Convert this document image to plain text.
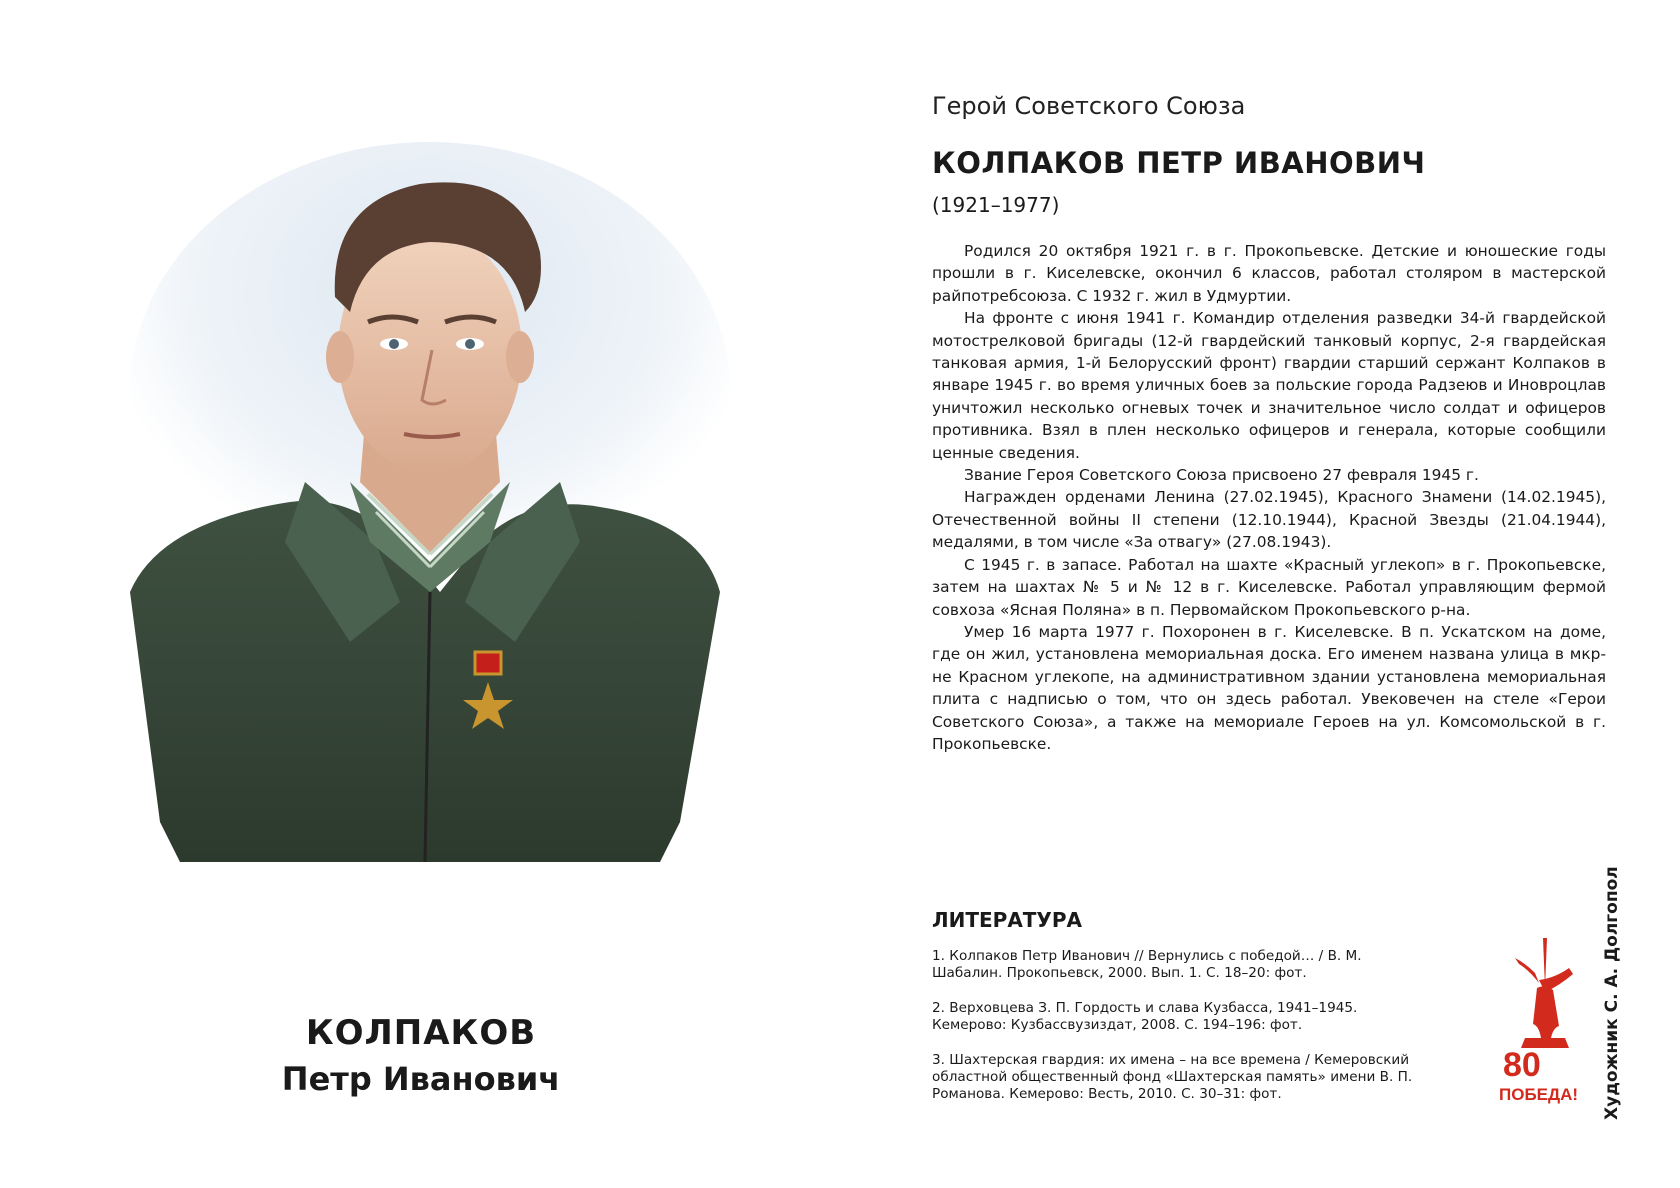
КОЛПАКОВ
Петр Иванович
Герой Советского Союза
КОЛПАКОВ ПЕТР ИВАНОВИЧ
(1921–1977)

Родился 20 октября 1921 г. в г. Прокопьевске. Детские и юношеские годы прошли в г. Киселевске, окончил 6 классов, работал столяром в мастерской райпотребсоюза. С 1932 г. жил в Удмуртии.

На фронте с июня 1941 г. Командир отделения разведки 34-й гвардейской мотострелковой бригады (12-й гвардейский танковый корпус, 2-я гвардейская танковая армия, 1-й Белорусский фронт) гвардии старший сержант Колпаков в январе 1945 г. во время уличных боев за польские города Радзеюв и Иновроцлав уничтожил несколько огневых точек и значительное число солдат и офицеров противника. Взял в плен несколько офицеров и генерала, которые сообщили ценные сведения.

Звание Героя Советского Союза присвоено 27 февраля 1945 г.

Награжден орденами Ленина (27.02.1945), Красного Знамени (14.02.1945), Отечественной войны II степени (12.10.1944), Красной Звезды (21.04.1944), медалями, в том числе «За отвагу» (27.08.1943).

С 1945 г. в запасе. Работал на шахте «Красный углекоп» в г. Прокопьевске, затем на шахтах № 5 и № 12 в г. Киселевске. Работал управляющим фермой совхоза «Ясная Поляна» в п. Первомайском Прокопьевского р-на.

Умер 16 марта 1977 г. Похоронен в г. Киселевске. В п. Ускатском на доме, где он жил, установлена мемориальная доска. Его именем названа улица в мкр-не Красном углекопе, на административном здании установлена мемориальная плита с надписью о том, что он здесь работал. Увековечен на стеле «Герои Советского Союза», а также на мемориале Героев на ул. Комсомольской в г. Прокопьевске.

ЛИТЕРАТУРА
1. Колпаков Петр Иванович // Вернулись с победой… / В. М. Шабалин. Прокопьевск, 2000. Вып. 1. С. 18–20: фот.
2. Верховцева З. П. Гордость и слава Кузбасса, 1941–1945. Кемерово: Кузбассвузиздат, 2008. С. 194–196: фот.
3. Шахтерская гвардия: их имена – на все времена / Кемеровский областной общественный фонд «Шахтерская память» имени В. П. Романова. Кемерово: Весть, 2010. С. 30–31: фот.
80
ПОБЕДА! Художник С. А. Долгопол
